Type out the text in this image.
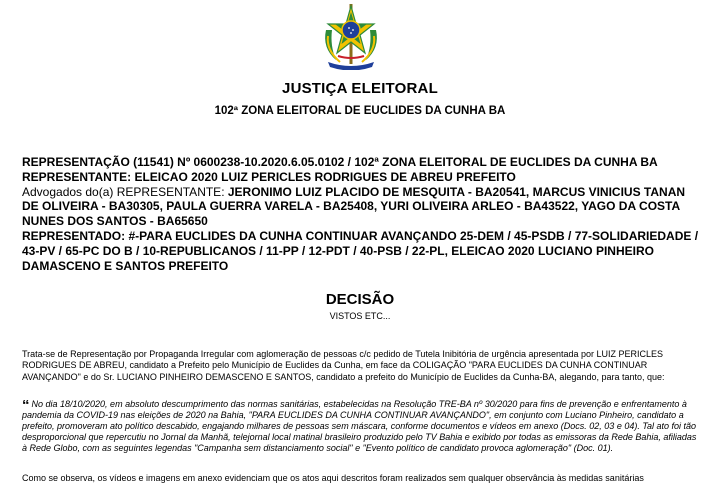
JUSTIÇA ELEITORAL
102ª ZONA ELEITORAL DE EUCLIDES DA CUNHA BA
REPRESENTAÇÃO (11541) Nº 0600238-10.2020.6.05.0102 / 102ª ZONA ELEITORAL DE EUCLIDES DA CUNHA BA
REPRESENTANTE: ELEICAO 2020 LUIZ PERICLES RODRIGUES DE ABREU PREFEITO
Advogados do(a) REPRESENTANTE: JERONIMO LUIZ PLACIDO DE MESQUITA - BA20541, MARCUS VINICIUS TANAN DE OLIVEIRA - BA30305, PAULA GUERRA VARELA - BA25408, YURI OLIVEIRA ARLEO - BA43522, YAGO DA COSTA NUNES DOS SANTOS - BA65650
REPRESENTADO: #-PARA EUCLIDES DA CUNHA CONTINUAR AVANÇANDO 25-DEM / 45-PSDB / 77-SOLIDARIEDADE / 43-PV / 65-PC DO B / 10-REPUBLICANOS / 11-PP / 12-PDT / 40-PSB / 22-PL, ELEICAO 2020 LUCIANO PINHEIRO DAMASCENO E SANTOS PREFEITO
DECISÃO
VISTOS ETC...
Trata-se de Representação por Propaganda Irregular com aglomeração de pessoas c/c pedido de Tutela Inibitória de urgência apresentada por LUIZ PERICLES RODRIGUES DE ABREU, candidato a Prefeito pelo Município de Euclides da Cunha, em face da COLIGAÇÃO "PARA EUCLIDES DA CUNHA CONTINUAR AVANÇANDO" e do Sr. LUCIANO PINHEIRO DEMASCENO E SANTOS, candidato a prefeito do Município de Euclides da Cunha-BA, alegando, para tanto, que:
“ No dia 18/10/2020, em absoluto descumprimento das normas sanitárias, estabelecidas na Resolução TRE-BA nº 30/2020 para fins de prevenção e enfrentamento à pandemia da COVID-19 nas eleições de 2020 na Bahia, "PARA EUCLIDES DA CUNHA CONTINUAR AVANÇANDO", em conjunto com Luciano Pinheiro, candidato a prefeito, promoveram ato político descabido, engajando milhares de pessoas sem máscara, conforme documentos e vídeos em anexo (Docs. 02, 03 e 04). Tal ato foi tão desproporcional que repercutiu no Jornal da Manhã, telejornal local matinal brasileiro produzido pelo TV Bahia e exibido por todas as emissoras da Rede Bahia, afiliadas à Rede Globo, com as seguintes legendas "Campanha sem distanciamento social" e "Evento político de candidato provoca aglomeração" (Doc. 01).
Como se observa, os vídeos e imagens em anexo evidenciam que os atos aqui descritos foram realizados sem qualquer observância às medidas sanitárias
